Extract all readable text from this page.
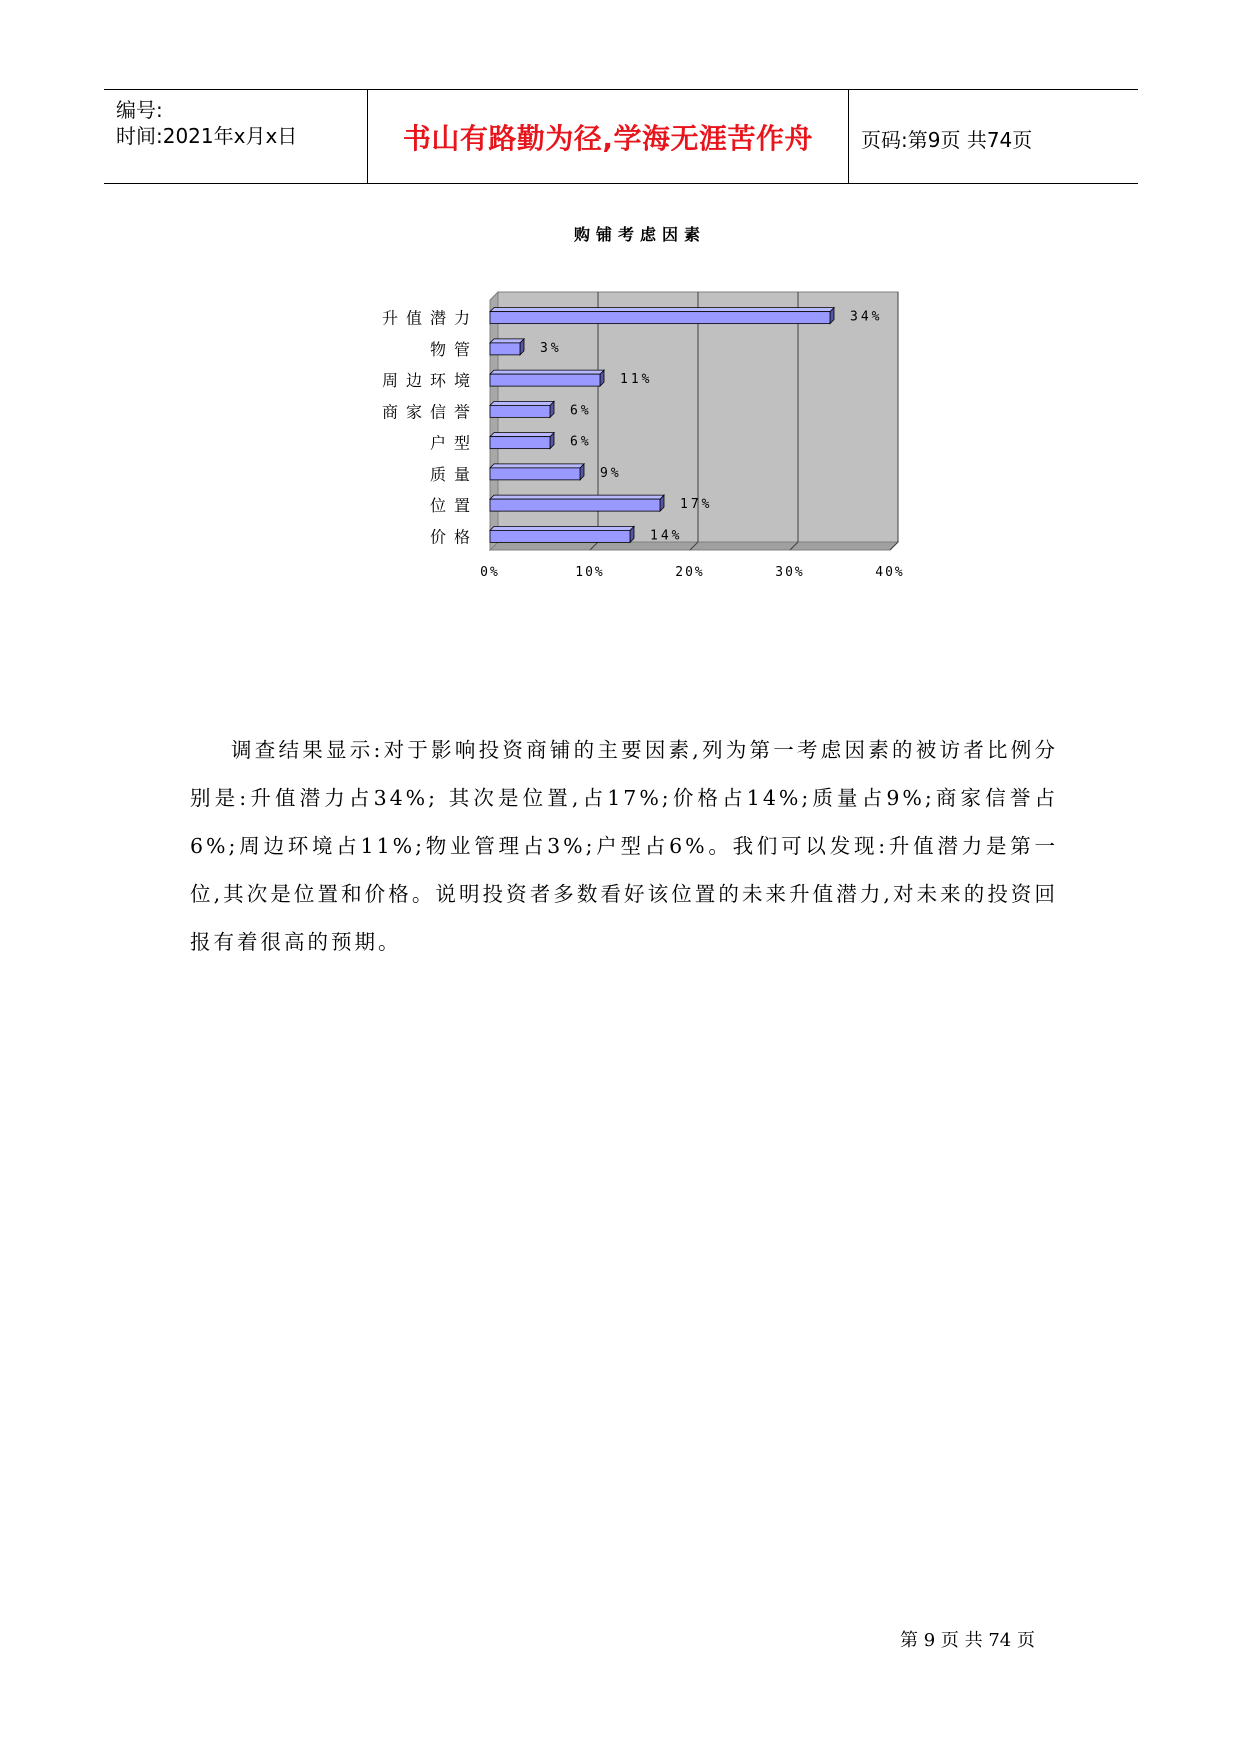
编号:
时间:2021年x月x日	书山有路勤为径,学海无涯苦作舟	页码:第9页 共74页
购铺考虑因素
0%	10%	20%	30%	40%
升值潜力	34%
物管	3%
周边环境	11%
商家信誉	6%
户型	6%
质量	9%
位置	17%
价格	14%

调查结果显示:对于影响投资商铺的主要因素,列为第一考虑因素的被访者比例分别是:升值潜力占34%; 其次是位置,占17%;价格占14%;质量占9%;商家信誉占6%;周边环境占11%;物业管理占3%;户型占6%。我们可以发现:升值潜力是第一位,其次是位置和价格。说明投资者多数看好该位置的未来升值潜力,对未来的投资回报有着很高的预期。

第 9 页 共 74 页
